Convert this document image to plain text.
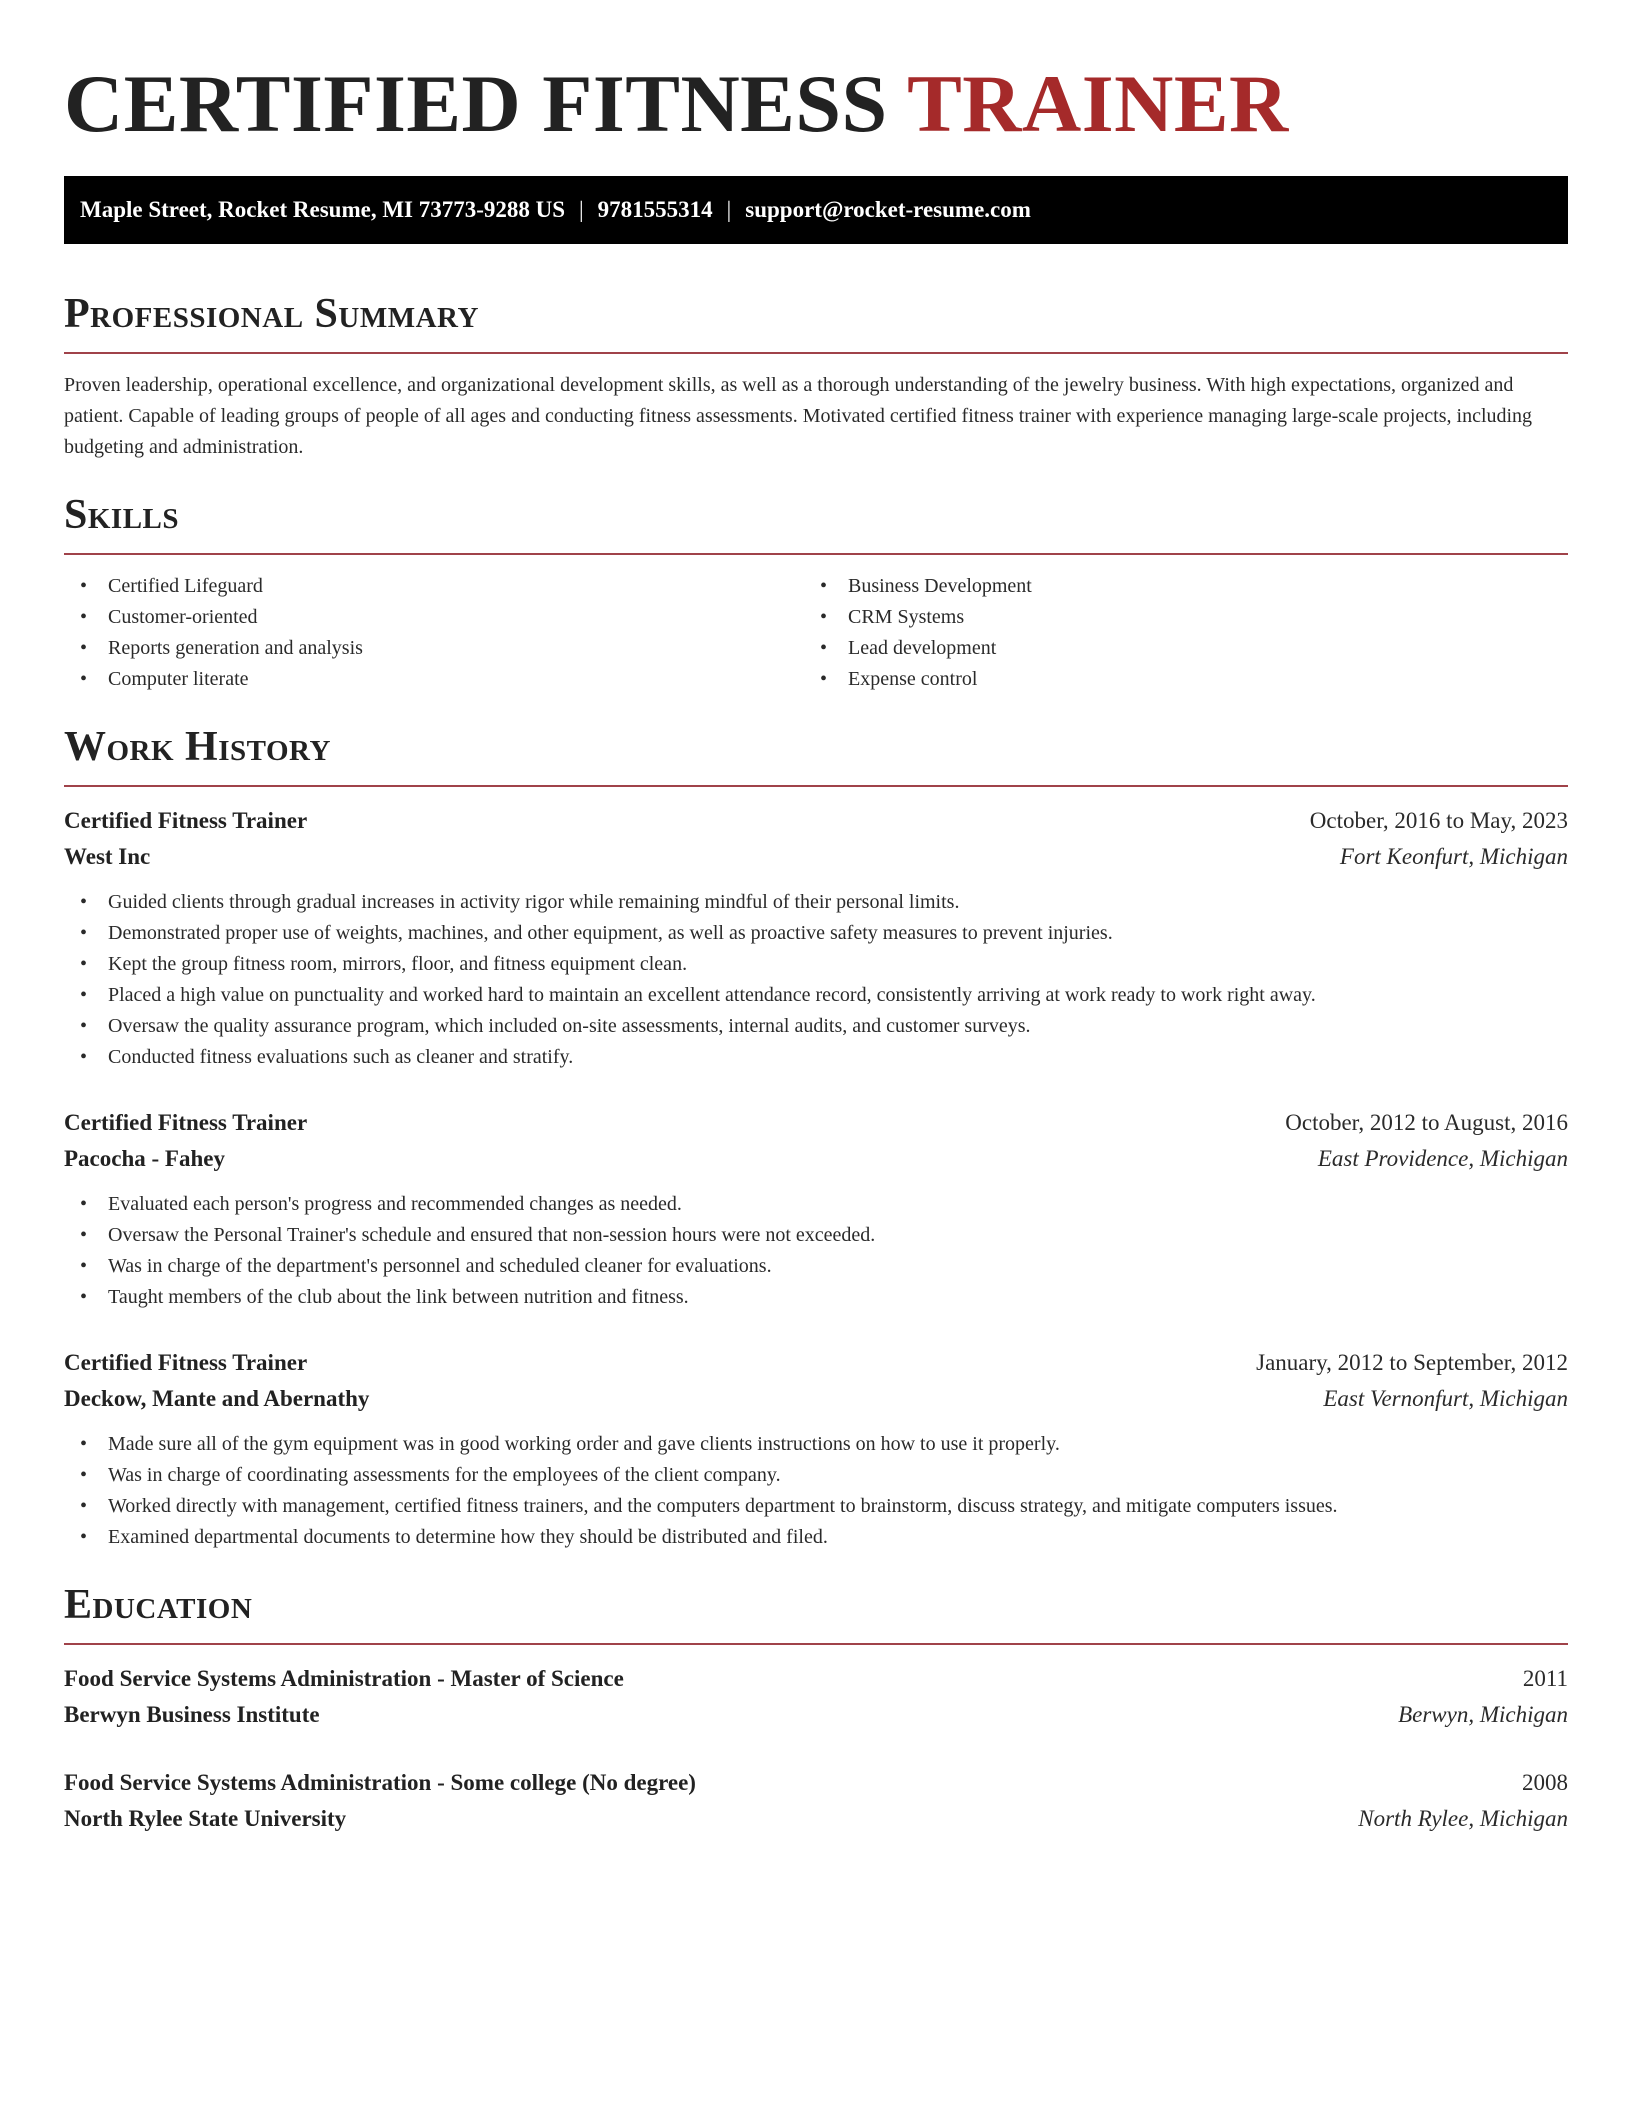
CERTIFIED FITNESS TRAINER
Maple Street, Rocket Resume, MI 73773-9288 US | 9781555314 | support@rocket-resume.com
Professional Summary

Proven leadership, operational excellence, and organizational development skills, as well as a thorough understanding of the jewelry business. With high expectations, organized and patient. Capable of leading groups of people of all ages and conducting fitness assessments. Motivated certified fitness trainer with experience managing large-scale projects, including budgeting and administration.

Skills
• Certified Lifeguard
• Customer-oriented
• Reports generation and analysis
• Computer literate
• Business Development
• CRM Systems
• Lead development
• Expense control
Work History
Certified Fitness Trainer	October, 2016 to May, 2023
West Inc	Fort Keonfurt, Michigan
• Guided clients through gradual increases in activity rigor while remaining mindful of their personal limits.
• Demonstrated proper use of weights, machines, and other equipment, as well as proactive safety measures to prevent injuries.
• Kept the group fitness room, mirrors, floor, and fitness equipment clean.
• Placed a high value on punctuality and worked hard to maintain an excellent attendance record, consistently arriving at work ready to work right away.
• Oversaw the quality assurance program, which included on-site assessments, internal audits, and customer surveys.
• Conducted fitness evaluations such as cleaner and stratify.
Certified Fitness Trainer	October, 2012 to August, 2016
Pacocha - Fahey	East Providence, Michigan
• Evaluated each person's progress and recommended changes as needed.
• Oversaw the Personal Trainer's schedule and ensured that non-session hours were not exceeded.
• Was in charge of the department's personnel and scheduled cleaner for evaluations.
• Taught members of the club about the link between nutrition and fitness.
Certified Fitness Trainer	January, 2012 to September, 2012
Deckow, Mante and Abernathy	East Vernonfurt, Michigan
• Made sure all of the gym equipment was in good working order and gave clients instructions on how to use it properly.
• Was in charge of coordinating assessments for the employees of the client company.
• Worked directly with management, certified fitness trainers, and the computers department to brainstorm, discuss strategy, and mitigate computers issues.
• Examined departmental documents to determine how they should be distributed and filed.
Education
Food Service Systems Administration - Master of Science	2011
Berwyn Business Institute	Berwyn, Michigan
Food Service Systems Administration - Some college (No degree)	2008
North Rylee State University	North Rylee, Michigan
